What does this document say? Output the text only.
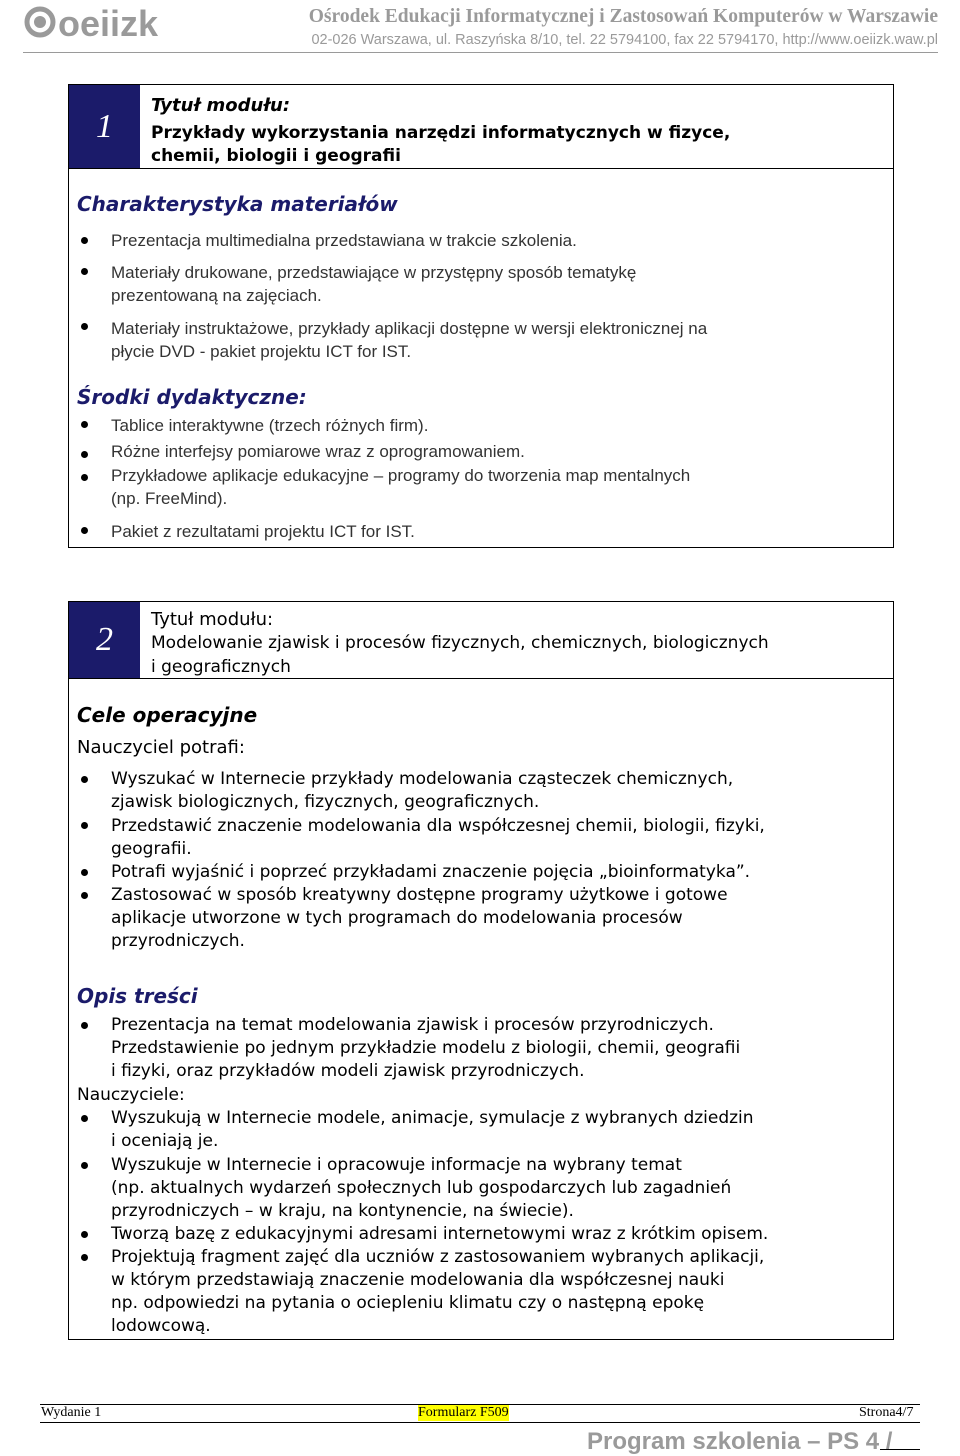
oeiizk	Ośrodek Edukacji Informatycznej i Zastosowań Komputerów w Warszawie
02-026 Warszawa, ul. Raszyńska 8/10, tel. 22 5794100, fax 22 5794170, http://www.oeiizk.waw.pl
1
Tytuł modułu:
Przykłady wykorzystania narzędzi informatycznych w fizyce,
chemii, biologii i geografii
Charakterystyka materiałów
Prezentacja multimedialna przedstawiana w trakcie szkolenia.
Materiały drukowane, przedstawiające w przystępny sposób tematykę
prezentowaną na zajęciach.
Materiały instruktażowe, przykłady aplikacji dostępne w wersji elektronicznej na
płycie DVD - pakiet projektu ICT for IST.
Środki dydaktyczne:
Tablice interaktywne (trzech różnych firm).
Różne interfejsy pomiarowe wraz z oprogramowaniem.
Przykładowe aplikacje edukacyjne – programy do tworzenia map mentalnych
(np. FreeMind).
Pakiet z rezultatami projektu ICT for IST.
2
Tytuł modułu:
Modelowanie zjawisk i procesów fizycznych, chemicznych, biologicznych
i geograficznych
Cele operacyjne
Nauczyciel potrafi:
Wyszukać w Internecie przykłady modelowania cząsteczek chemicznych,
zjawisk biologicznych, fizycznych, geograficznych.
Przedstawić znaczenie modelowania dla współczesnej chemii, biologii, fizyki,
geografii.
Potrafi wyjaśnić i poprzeć przykładami znaczenie pojęcia „bioinformatyka”.
Zastosować w sposób kreatywny dostępne programy użytkowe i gotowe
aplikacje utworzone w tych programach do modelowania procesów
przyrodniczych.
Opis treści
Prezentacja na temat modelowania zjawisk i procesów przyrodniczych.
Przedstawienie po jednym przykładzie modelu z biologii, chemii, geografii
i fizyki, oraz przykładów modeli zjawisk przyrodniczych.
Nauczyciele:
Wyszukują w Internecie modele, animacje, symulacje z wybranych dziedzin
i oceniają je.
Wyszukuje w Internecie i opracowuje informacje na wybrany temat
(np. aktualnych wydarzeń społecznych lub gospodarczych lub zagadnień
przyrodniczych – w kraju, na kontynencie, na świecie).
Tworzą bazę z edukacyjnymi adresami internetowymi wraz z krótkim opisem.
Projektują fragment zajęć dla uczniów z zastosowaniem wybranych aplikacji,
w którym przedstawiają znaczenie modelowania dla współczesnej nauki
np. odpowiedzi na pytania o ociepleniu klimatu czy o następną epokę
lodowcową.
Wydanie 1	Formularz F509	Strona4/7
Program szkolenia – PS 4 /
